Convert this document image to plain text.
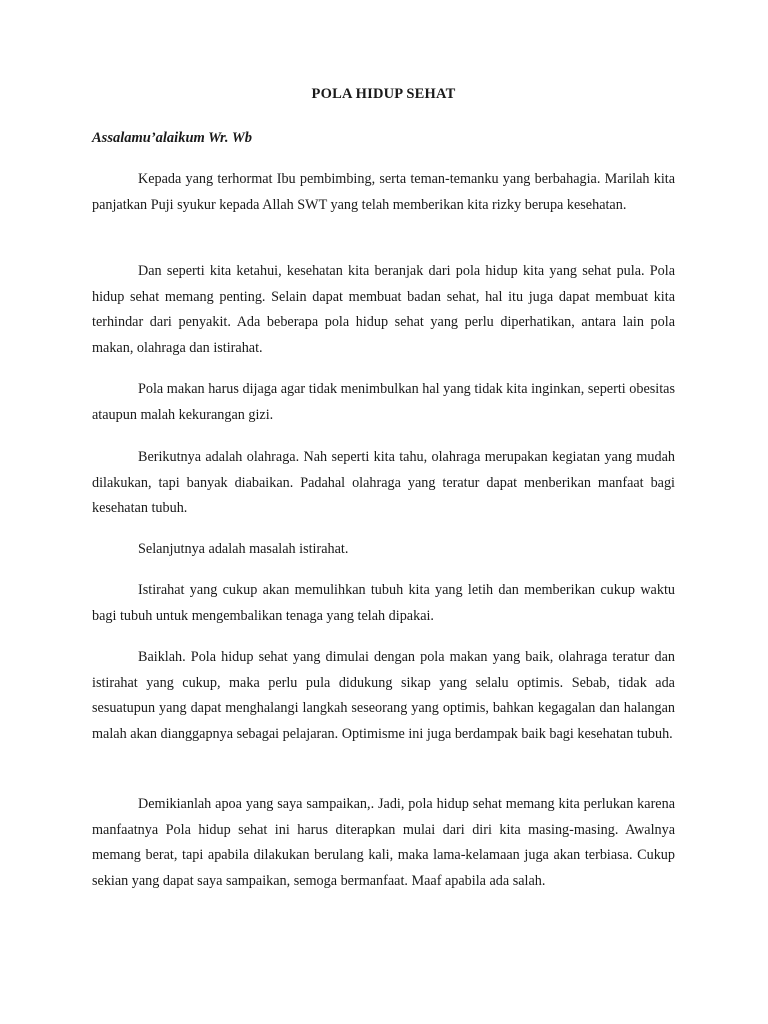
POLA HIDUP SEHAT
Assalamu’alaikum Wr. Wb

Kepada yang terhormat Ibu pembimbing, serta teman-temanku yang berbahagia. Marilah kita panjatkan Puji syukur kepada Allah SWT yang telah memberikan kita rizky berupa kesehatan.

Dan seperti kita ketahui, kesehatan kita beranjak dari pola hidup kita yang sehat pula. Pola hidup sehat memang penting. Selain dapat membuat badan sehat, hal itu juga dapat membuat kita terhindar dari penyakit. Ada beberapa pola hidup sehat yang perlu diperhatikan, antara lain pola makan, olahraga dan istirahat.

Pola makan harus dijaga agar tidak menimbulkan hal yang tidak kita inginkan, seperti obesitas ataupun malah kekurangan gizi.

Berikutnya adalah olahraga. Nah seperti kita tahu, olahraga merupakan kegiatan yang mudah dilakukan, tapi banyak diabaikan. Padahal olahraga yang teratur dapat menberikan manfaat bagi kesehatan tubuh.

Selanjutnya adalah masalah istirahat.

Istirahat yang cukup akan memulihkan tubuh kita yang letih dan memberikan cukup waktu bagi tubuh untuk mengembalikan tenaga yang telah dipakai.

Baiklah. Pola hidup sehat yang dimulai dengan pola makan yang baik, olahraga teratur dan istirahat yang cukup, maka perlu pula didukung sikap yang selalu optimis. Sebab, tidak ada sesuatupun yang dapat menghalangi langkah seseorang yang optimis, bahkan kegagalan dan halangan malah akan dianggapnya sebagai pelajaran. Optimisme ini juga berdampak baik bagi kesehatan tubuh.

Demikianlah apoa yang saya sampaikan,. Jadi, pola hidup sehat memang kita perlukan karena manfaatnya Pola hidup sehat ini harus diterapkan mulai dari diri kita masing-masing. Awalnya memang berat, tapi apabila dilakukan berulang kali, maka lama-kelamaan juga akan terbiasa. Cukup sekian yang dapat saya sampaikan, semoga bermanfaat. Maaf apabila ada salah.
